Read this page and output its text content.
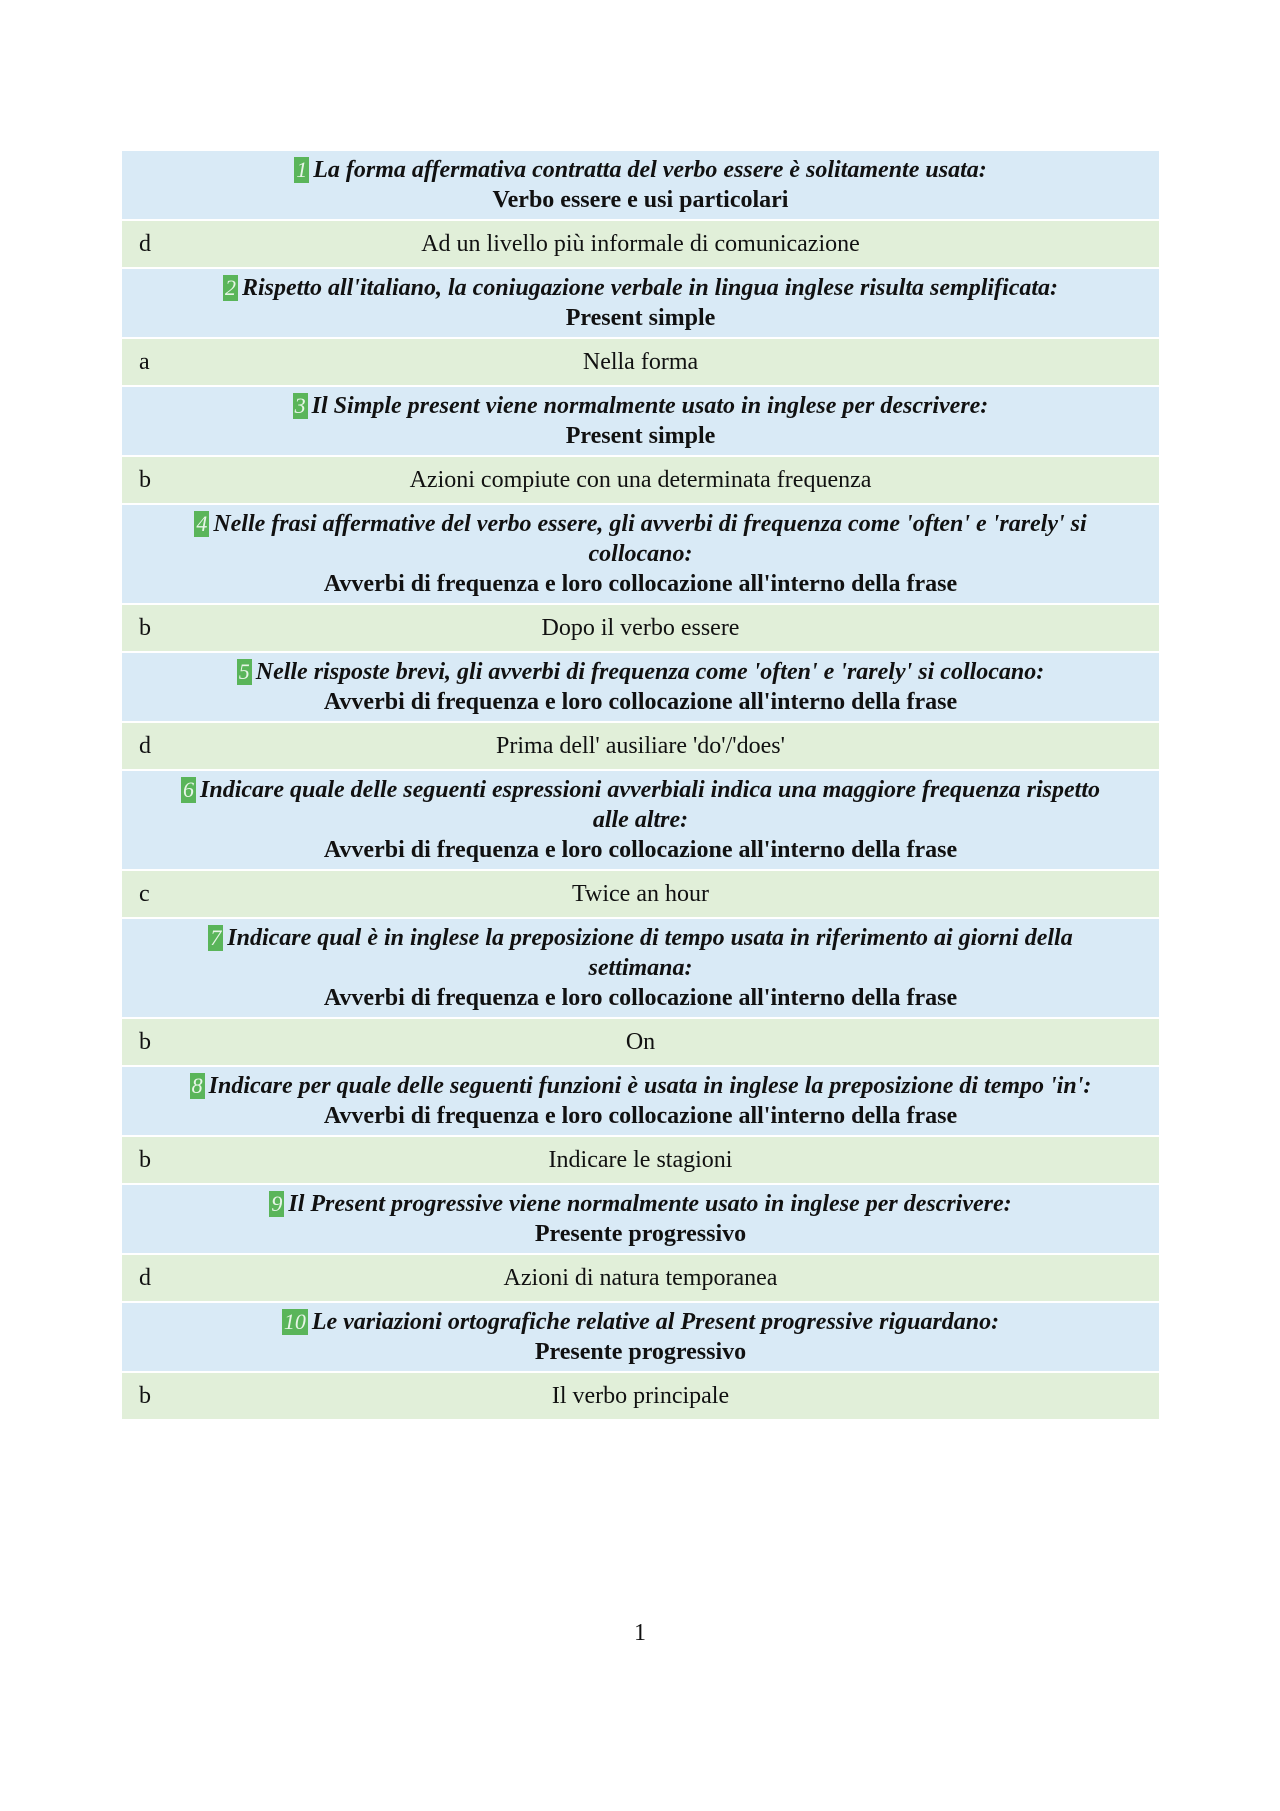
1 La forma affermativa contratta del verbo essere è solitamente usata:
Verbo essere e usi particolari
d	Ad un livello più informale di comunicazione
2 Rispetto all'italiano, la coniugazione verbale in lingua inglese risulta semplificata:
Present simple
a	Nella forma
3 Il Simple present viene normalmente usato in inglese per descrivere:
Present simple
b	Azioni compiute con una determinata frequenza
4 Nelle frasi affermative del verbo essere, gli avverbi di frequenza come 'often' e 'rarely' si collocano:
Avverbi di frequenza e loro collocazione all'interno della frase
b	Dopo il verbo essere
5 Nelle risposte brevi, gli avverbi di frequenza come 'often' e 'rarely' si collocano:
Avverbi di frequenza e loro collocazione all'interno della frase
d	Prima dell' ausiliare 'do'/'does'
6 Indicare quale delle seguenti espressioni avverbiali indica una maggiore frequenza rispetto alle altre:
Avverbi di frequenza e loro collocazione all'interno della frase
c	Twice an hour
7 Indicare qual è in inglese la preposizione di tempo usata in riferimento ai giorni della settimana:
Avverbi di frequenza e loro collocazione all'interno della frase
b	On
8 Indicare per quale delle seguenti funzioni è usata in inglese la preposizione di tempo 'in':
Avverbi di frequenza e loro collocazione all'interno della frase
b	Indicare le stagioni
9 Il Present progressive viene normalmente usato in inglese per descrivere:
Presente progressivo
d	Azioni di natura temporanea
10 Le variazioni ortografiche relative al Present progressive riguardano:
Presente progressivo
b	Il verbo principale
1
